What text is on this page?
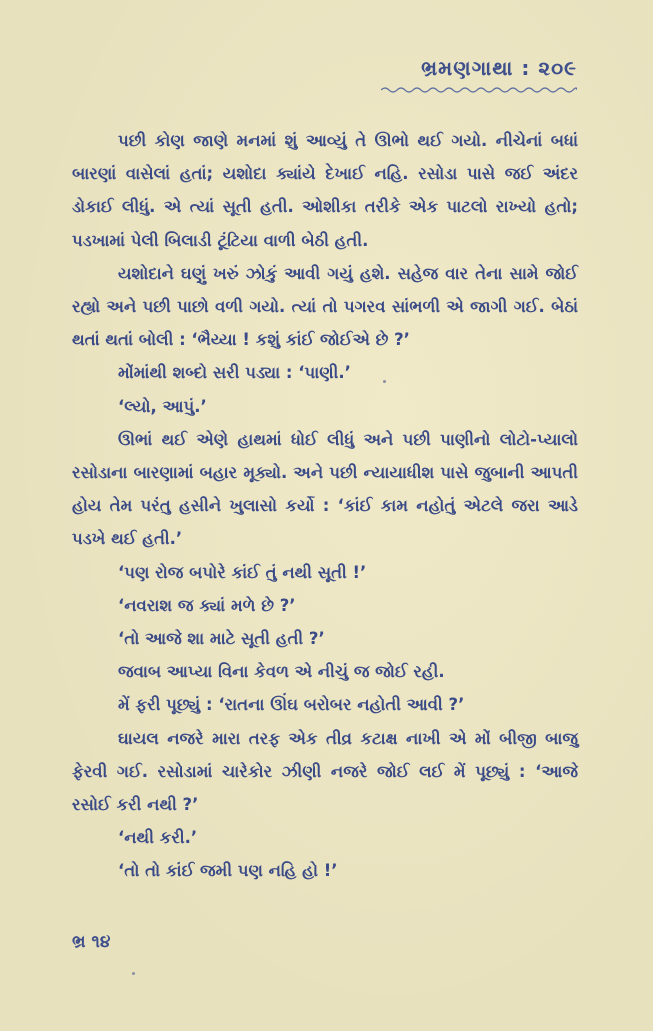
ભ્રમણગાથા : ૨૦૯

પછી કોણ જાણે મનમાં શું આવ્યું તે ઊભો થઈ ગયો. નીચેનાં બધાં બારણાં વાસેલાં હતાં; યશોદા ક્યાંયે દેખાઈ નહિ. રસોડા પાસે જઈ અંદર ડોકાઈ લીધું. એ ત્યાં સૂતી હતી. ઓશીકા તરીકે એક પાટલો રાખ્યો હતો; પડખામાં પેલી બિલાડી ટૂંટિયા વાળી બેઠી હતી.

યશોદાને ઘણું ખરું ઝોકું આવી ગયું હશે. સહેજ વાર તેના સામે જોઈ રહ્યો અને પછી પાછો વળી ગયો. ત્યાં તો પગરવ સાંભળી એ જાગી ગઈ. બેઠાં થતાં થતાં બોલી : ‘ભૈય્યા ! કશું કાંઈ જોઈએ છે ?’

મોંમાંથી શબ્દો સરી પડ્યા : ‘પાણી.’

‘લ્યો, આપું.’

ઊભાં થઈ એણે હાથમાં ધોઈ લીધું અને પછી પાણીનો લોટો-પ્યાલો રસોડાના બારણામાં બહાર મૂક્યો. અને પછી ન્યાયાધીશ પાસે જુબાની આપતી હોય તેમ પરંતુ હસીને ખુલાસો કર્યો : ‘કાંઈ કામ નહોતું એટલે જરા આડે પડખે થઈ હતી.’

‘પણ રોજ બપોરે કાંઈ તું નથી સૂતી !’

‘નવરાશ જ ક્યાં મળે છે ?’

‘તો આજે શા માટે સૂતી હતી ?’

જવાબ આપ્યા વિના કેવળ એ નીચું જ જોઈ રહી.

મેં ફરી પૂછ્યું : ‘રાતના ઊંઘ બરોબર નહોતી આવી ?’

ઘાયલ નજરે મારા તરફ એક તીવ્ર કટાક્ષ નાખી એ મોં બીજી બાજુ ફેરવી ગઈ. રસોડામાં ચારેકોર ઝીણી નજરે જોઈ લઈ મેં પૂછ્યું : ‘આજે રસોઈ કરી નથી ?’

‘નથી કરી.’

‘તો તો કાંઈ જમી પણ નહિ હો !’

ભ્ર ૧૪
